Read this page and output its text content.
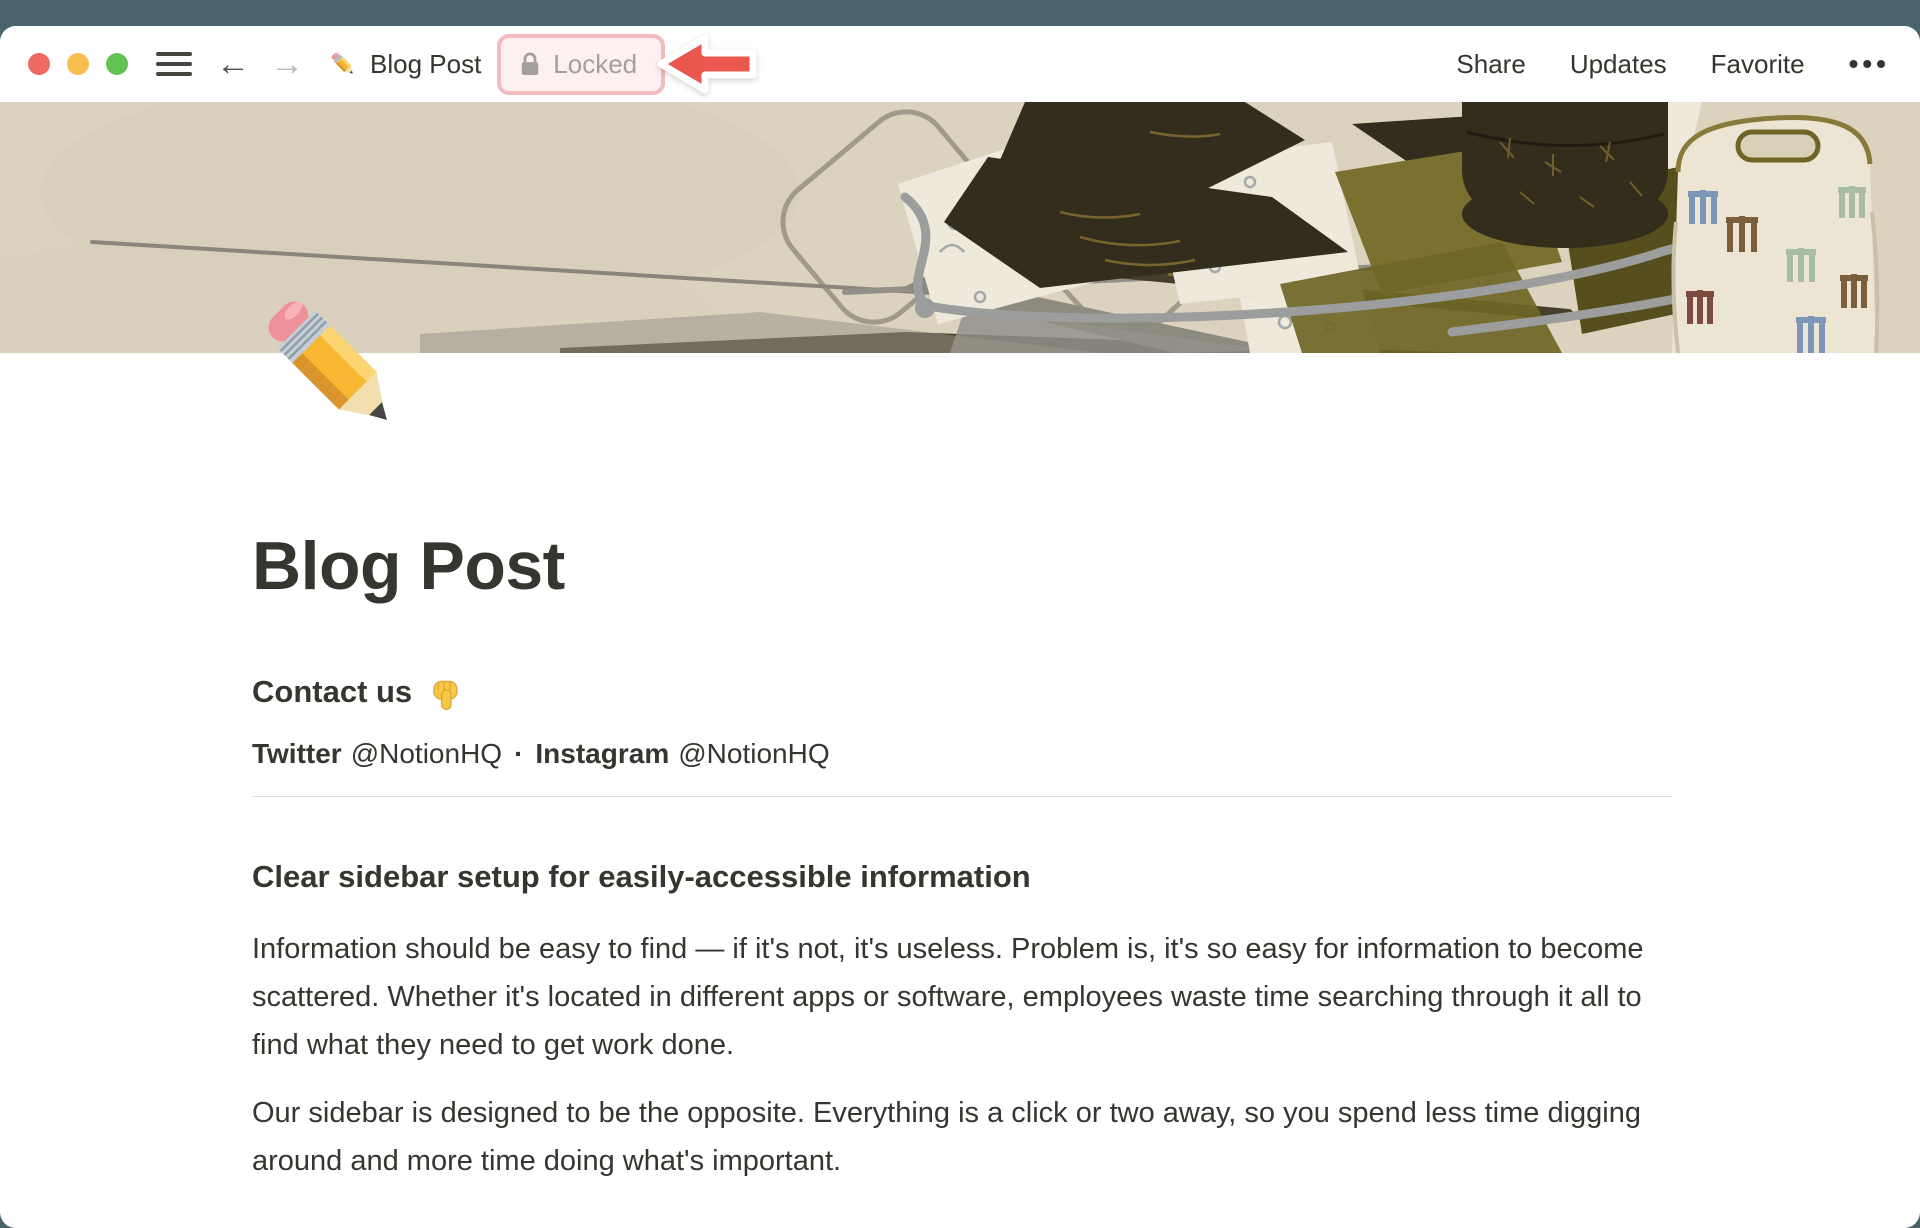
← →	Blog Post	Locked	Share Updates Favorite •••
Blog Post
Contact us

Twitter @NotionHQ · Instagram @NotionHQ

Clear sidebar setup for easily-accessible information

Information should be easy to find — if it's not, it's useless. Problem is, it's so easy for information to become scattered. Whether it's located in different apps or software, employees waste time searching through it all to find what they need to get work done.

Our sidebar is designed to be the opposite. Everything is a click or two away, so you spend less time digging around and more time doing what's important.
